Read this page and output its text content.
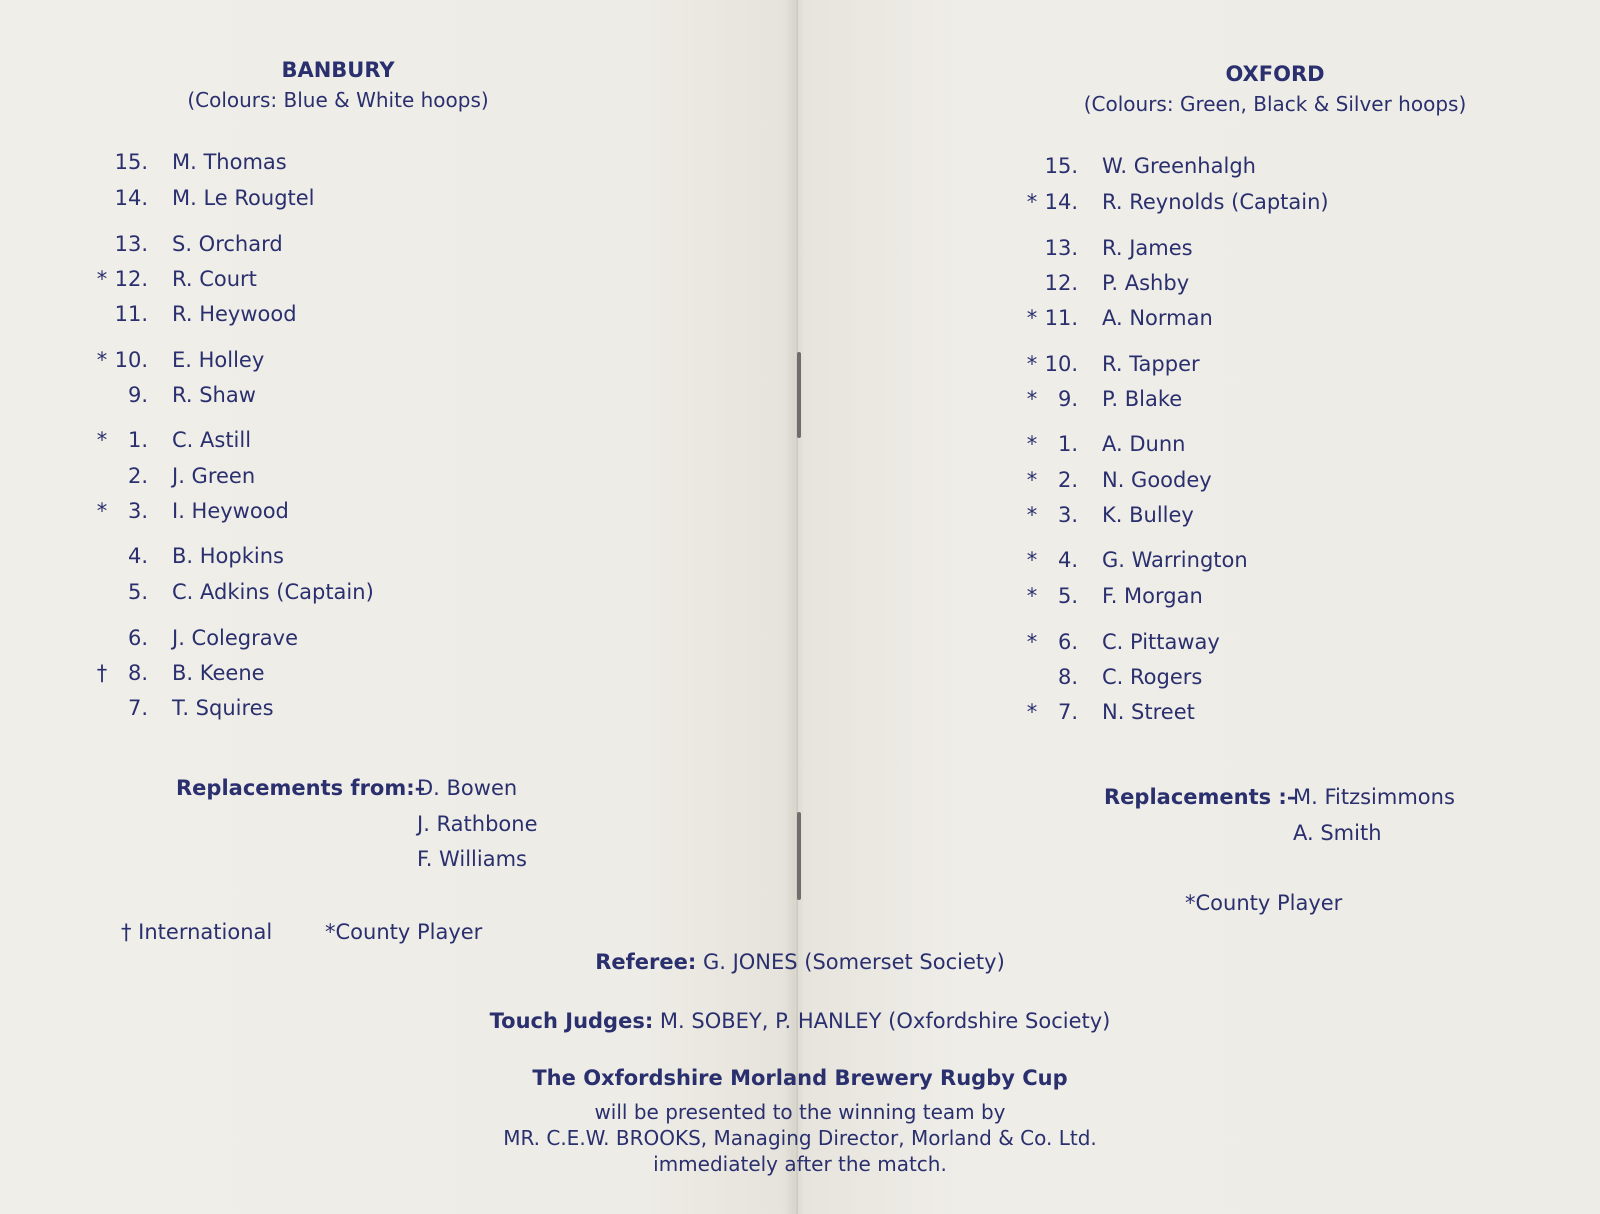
BANBURY
(Colours: Blue & White hoops)
15. M. Thomas
14. M. Le Rougtel
13. S. Orchard
* 12. R. Court
11. R. Heywood
* 10. E. Holley
9. R. Shaw
* 1. C. Astill
2. J. Green
* 3. I. Heywood
4. B. Hopkins
5. C. Adkins (Captain)
6. J. Colegrave
† 8. B. Keene
7. T. Squires
Replacements from:–
D. Bowen
J. Rathbone
F. Williams
† International	*County Player
OXFORD
(Colours: Green, Black & Silver hoops)
15. W. Greenhalgh
* 14. R. Reynolds (Captain)
13. R. James
12. P. Ashby
* 11. A. Norman
* 10. R. Tapper
* 9. P. Blake
* 1. A. Dunn
* 2. N. Goodey
* 3. K. Bulley
* 4. G. Warrington
* 5. F. Morgan
* 6. C. Pittaway
8. C. Rogers
* 7. N. Street
Replacements :–
M. Fitzsimmons
A. Smith
*County Player
Referee: G. JONES (Somerset Society)
Touch Judges: M. SOBEY, P. HANLEY (Oxfordshire Society)
The Oxfordshire Morland Brewery Rugby Cup
will be presented to the winning team by
MR. C.E.W. BROOKS, Managing Director, Morland & Co. Ltd.
immediately after the match.
